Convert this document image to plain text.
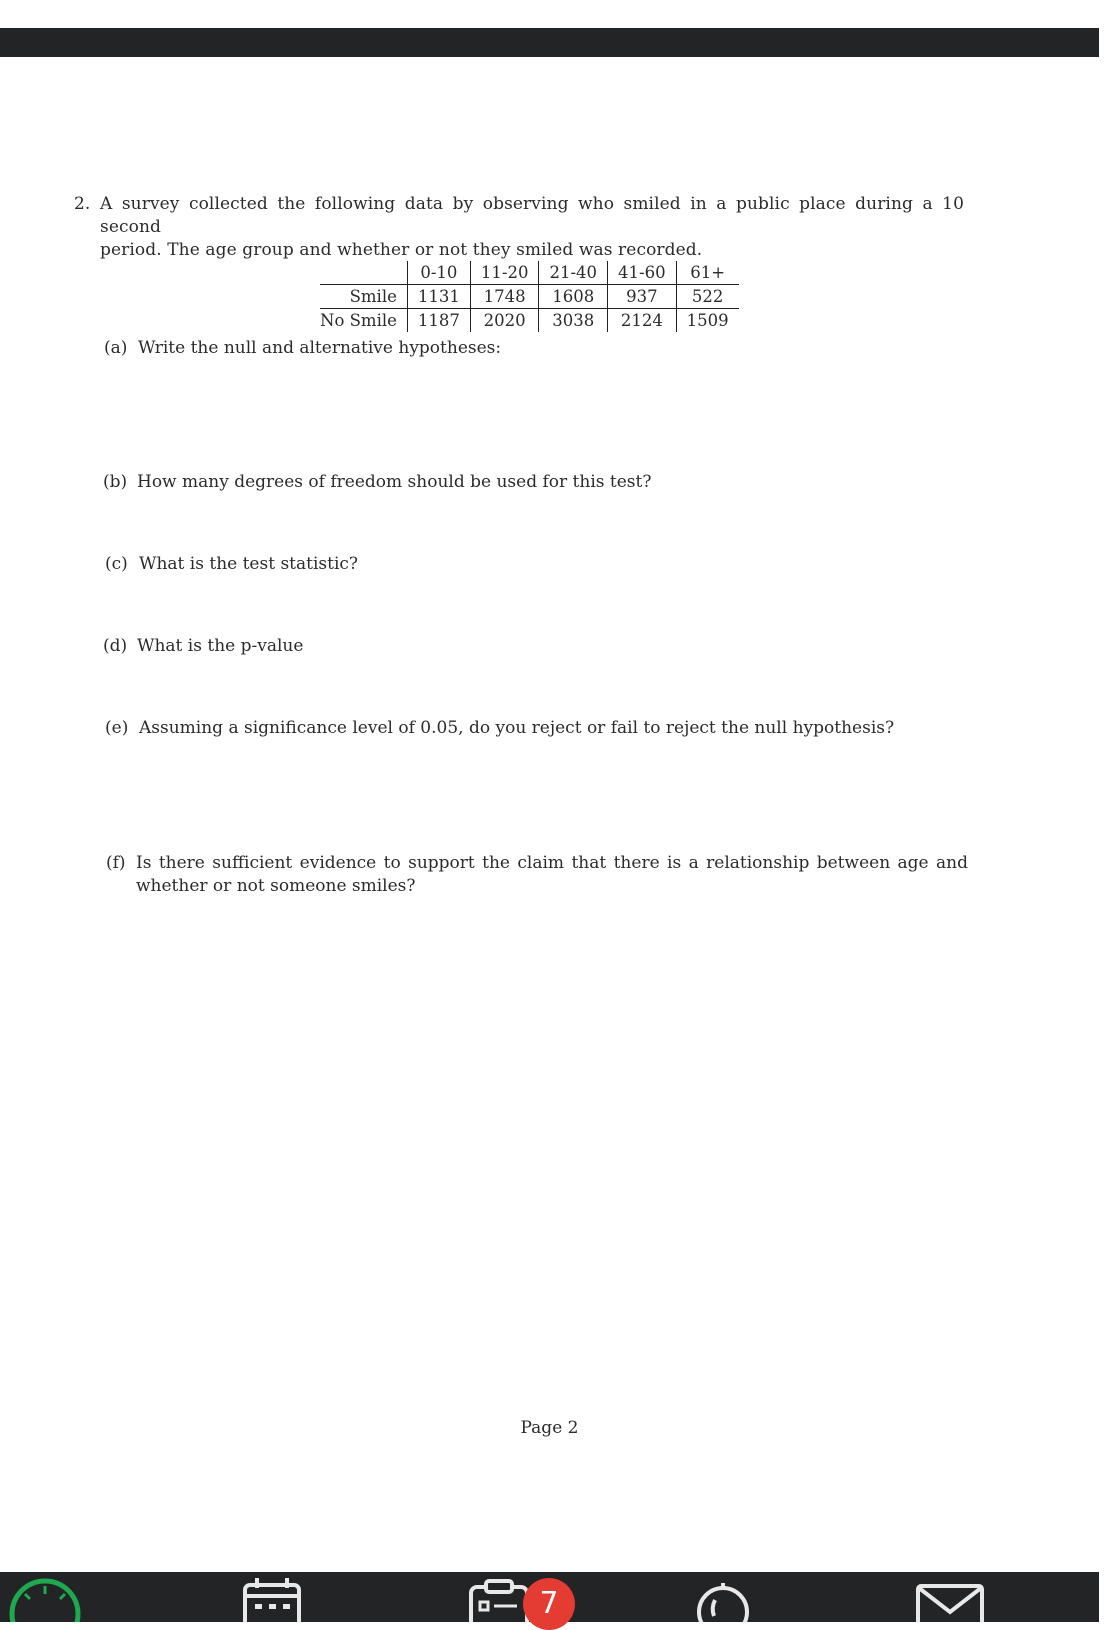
2. A survey collected the following data by observing who smiled in a public place during a 10 second
period. The age group and whether or not they smiled was recorded.
	0-10	11-20	21-40	41-60	61+
Smile	1131	1748	1608	937	522
No Smile	1187	2020	3038	2124	1509
(a) Write the null and alternative hypotheses:
(b) How many degrees of freedom should be used for this test?
(c) What is the test statistic?
(d) What is the p-value
(e) Assuming a significance level of 0.05, do you reject or fail to reject the null hypothesis?
(f) Is there sufficient evidence to support the claim that there is a relationship between age and whether or not someone smiles?
Page 2
7
